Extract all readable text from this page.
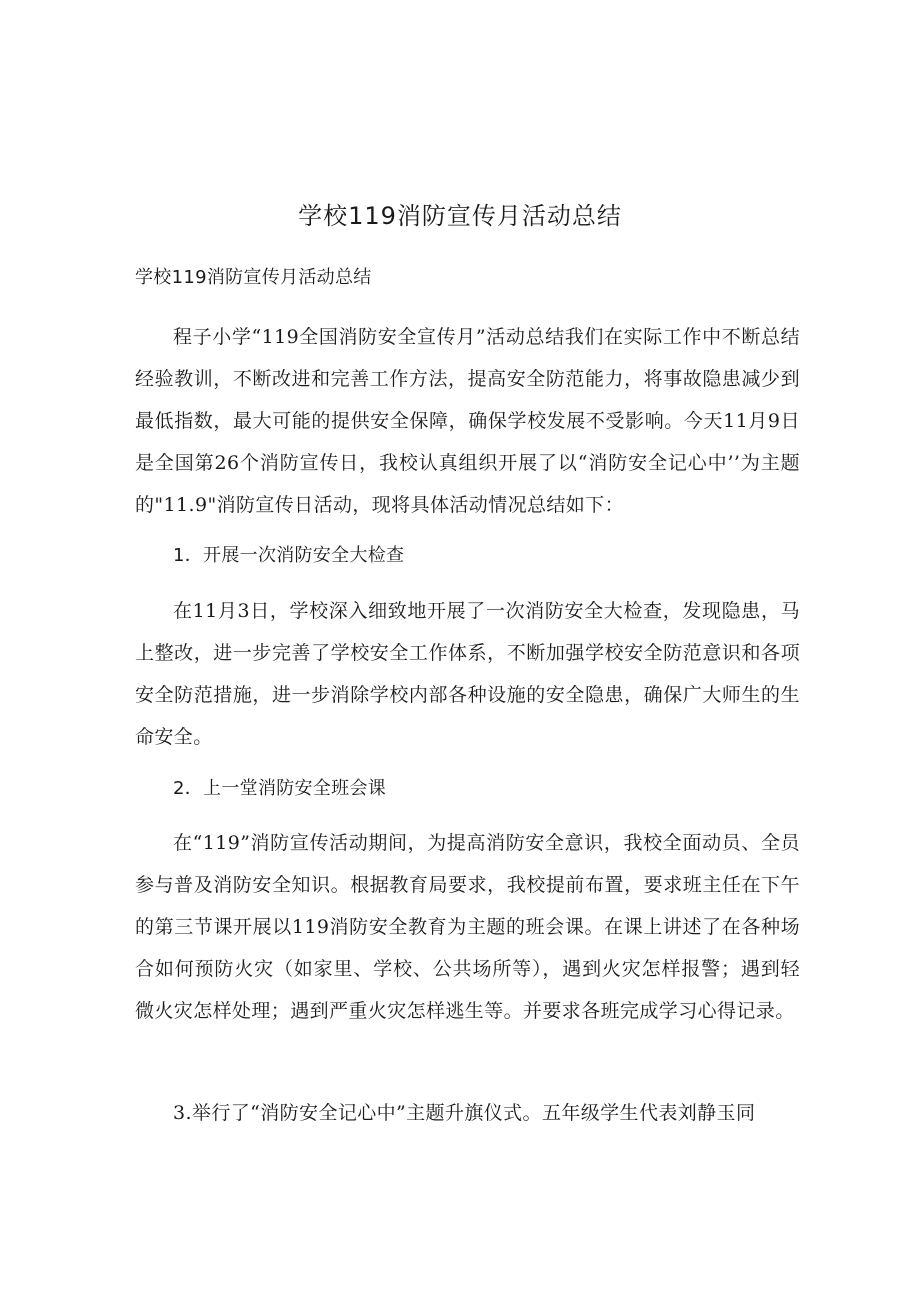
学校119消防宣传月活动总结

学校119消防宣传月活动总结

程子小学“119全国消防安全宣传月”活动总结我们在实际工作中不断总结经验教训，不断改进和完善工作方法，提高安全防范能力，将事故隐患减少到最低指数，最大可能的提供安全保障，确保学校发展不受影响。今天11月9日是全国第26个消防宣传日，我校认真组织开展了以“消防安全记心中’’为主题的"11.9"消防宣传日活动，现将具体活动情况总结如下：

1．开展一次消防安全大检查

在11月3日，学校深入细致地开展了一次消防安全大检查，发现隐患，马上整改，进一步完善了学校安全工作体系，不断加强学校安全防范意识和各项安全防范措施，进一步消除学校内部各种设施的安全隐患，确保广大师生的生命安全。

2．上一堂消防安全班会课

在“119”消防宣传活动期间，为提高消防安全意识，我校全面动员、全员参与普及消防安全知识。根据教育局要求，我校提前布置，要求班主任在下午的第三节课开展以119消防安全教育为主题的班会课。在课上讲述了在各种场合如何预防火灾（如家里、学校、公共场所等），遇到火灾怎样报警；遇到轻微火灾怎样处理；遇到严重火灾怎样逃生等。并要求各班完成学习心得记录。

3.举行了“消防安全记心中”主题升旗仪式。五年级学生代表刘静玉同
